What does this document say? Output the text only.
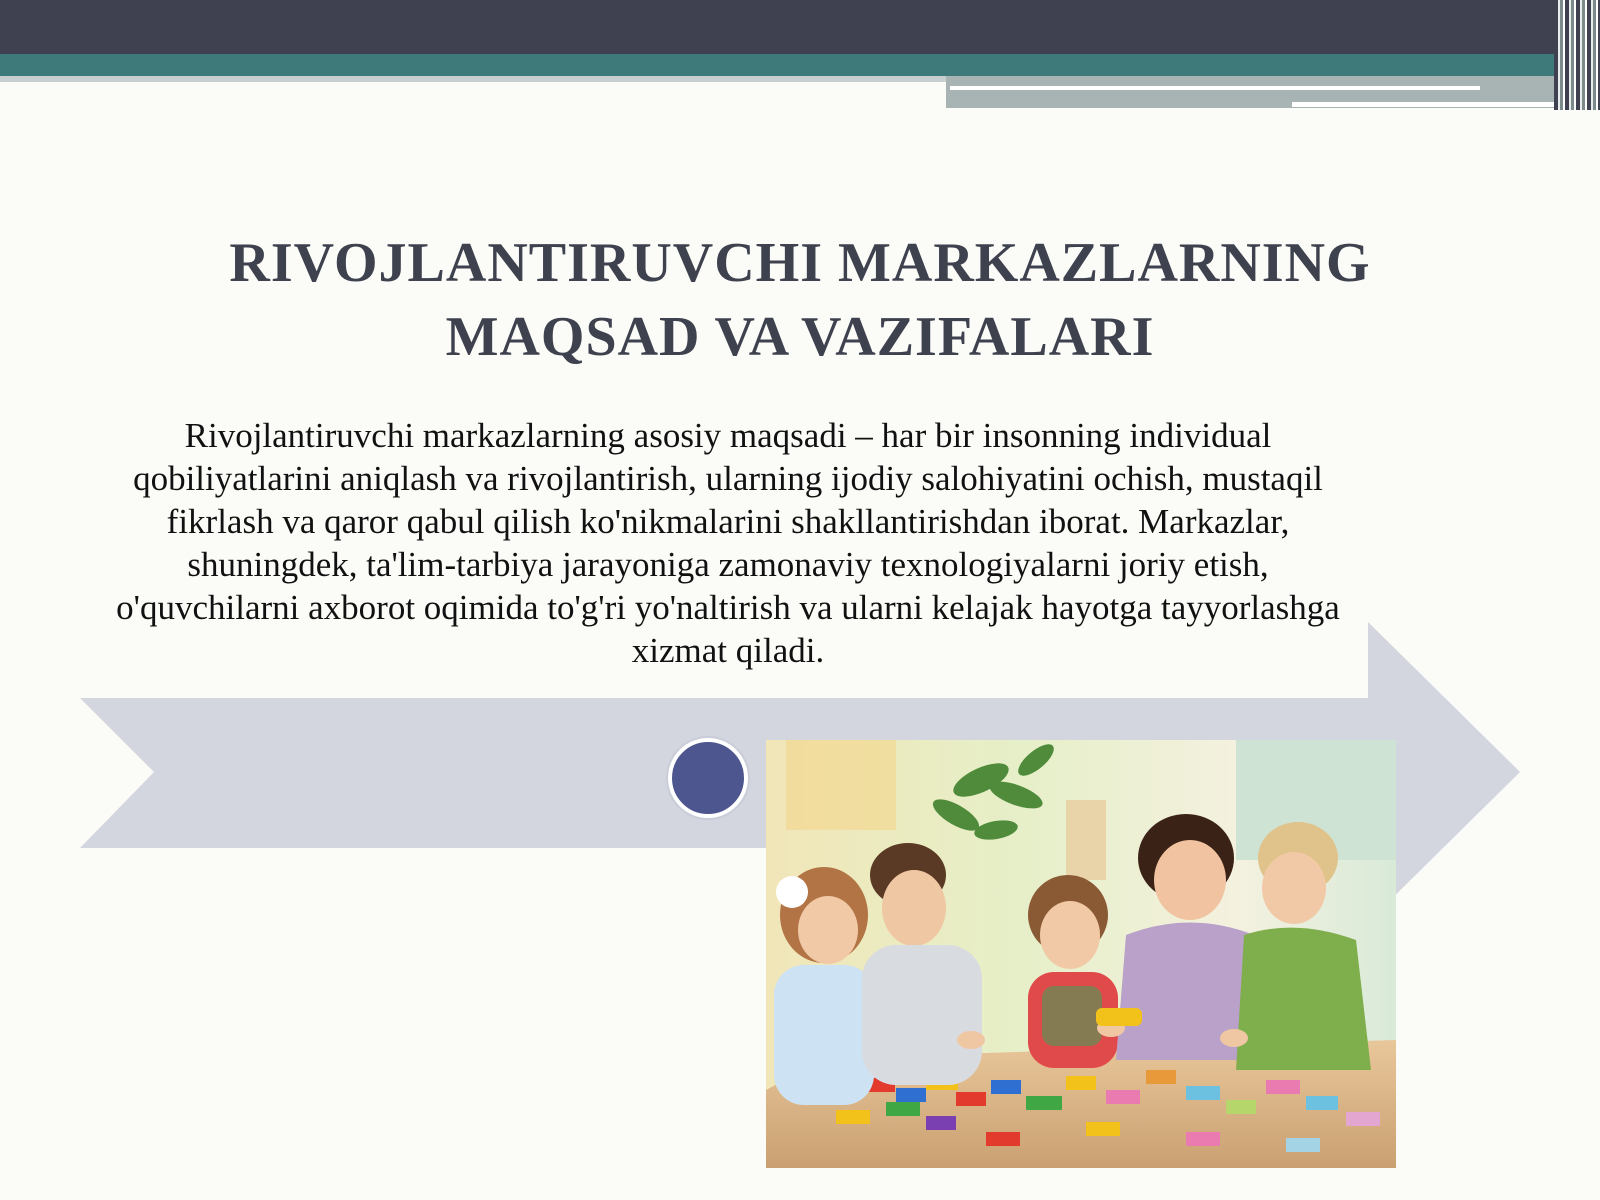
RIVOJLANTIRUVCHI MARKAZLARNING MAQSAD VA VAZIFALARI

Rivojlantiruvchi markazlarning asosiy maqsadi – har bir insonning individual qobiliyatlarini aniqlash va rivojlantirish, ularning ijodiy salohiyatini ochish, mustaqil fikrlash va qaror qabul qilish ko'nikmalarini shakllantirishdan iborat. Markazlar, shuningdek, ta'lim-tarbiya jarayoniga zamonaviy texnologiyalarni joriy etish, o'quvchilarni axborot oqimida to'g'ri yo'naltirish va ularni kelajak hayotga tayyorlashga xizmat qiladi.
